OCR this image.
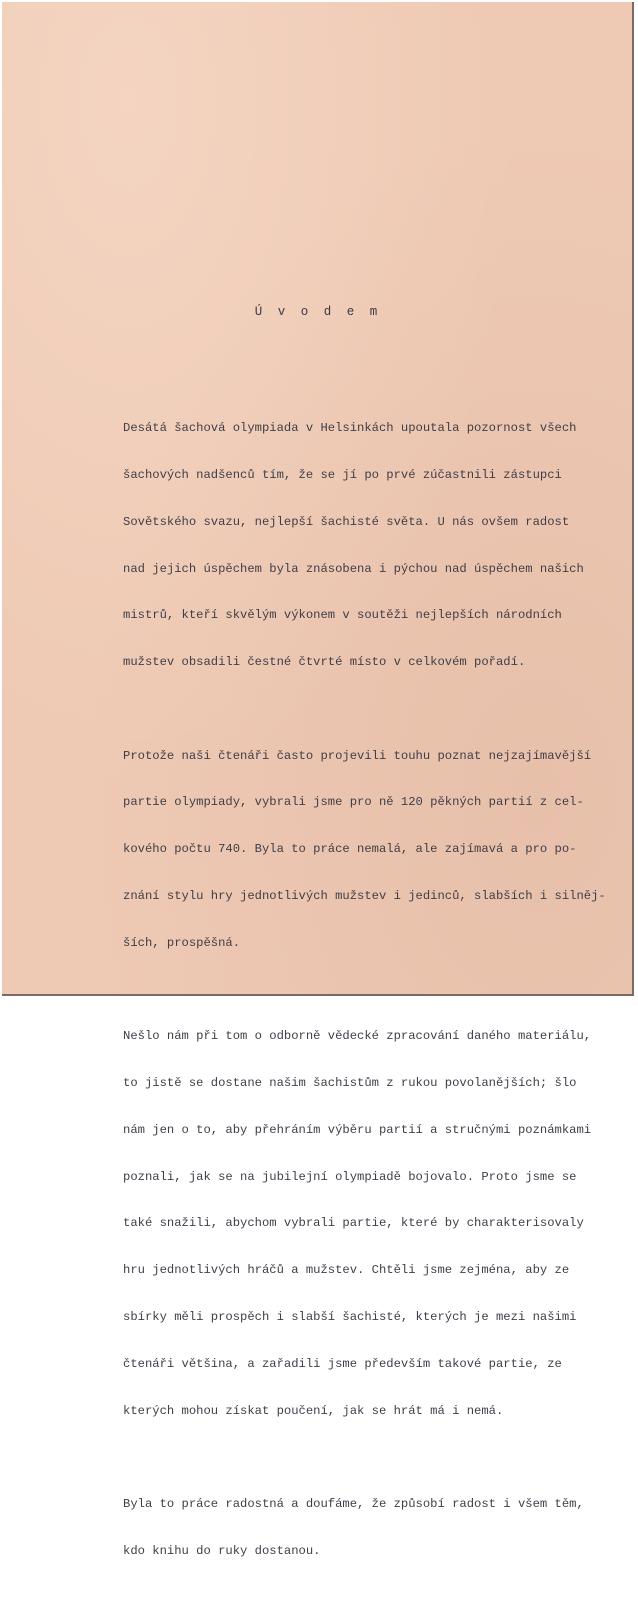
Ú v o d e m

Desátá šachová olympiada v Helsinkách upoutala pozornost všech

šachových nadšenců tím, že se jí po prvé zúčastnili zástupci

Sovětského svazu, nejlepší šachisté světa. U nás ovšem radost

nad jejich úspěchem byla znásobena i pýchou nad úspěchem našich

mistrů, kteří skvělým výkonem v soutěži nejlepších národních

mužstev obsadili čestné čtvrté místo v celkovém pořadí.

Protože naši čtenáři často projevili touhu poznat nejzajímavější

partie olympiady, vybrali jsme pro ně 120 pěkných partií z cel-

kového počtu 740. Byla to práce nemalá, ale zajímavá a pro po-

znání stylu hry jednotlivých mužstev i jedinců, slabších i silněj-

ších, prospěšná.

Nešlo nám při tom o odborně vědecké zpracování daného materiálu,

to jistě se dostane našim šachistům z rukou povolanějších; šlo

nám jen o to, aby přehráním výběru partií a stručnými poznámkami

poznali, jak se na jubilejní olympiadě bojovalo. Proto jsme se

také snažili, abychom vybrali partie, které by charakterisovaly

hru jednotlivých hráčů a mužstev. Chtěli jsme zejména, aby ze

sbírky měli prospěch i slabší šachisté, kterých je mezi našimi

čtenáři většina, a zařadili jsme především takové partie, ze

kterých mohou získat poučení, jak se hrát má i nemá.

Byla to práce radostná a doufáme, že způsobí radost i všem těm,

kdo knihu do ruky dostanou.
